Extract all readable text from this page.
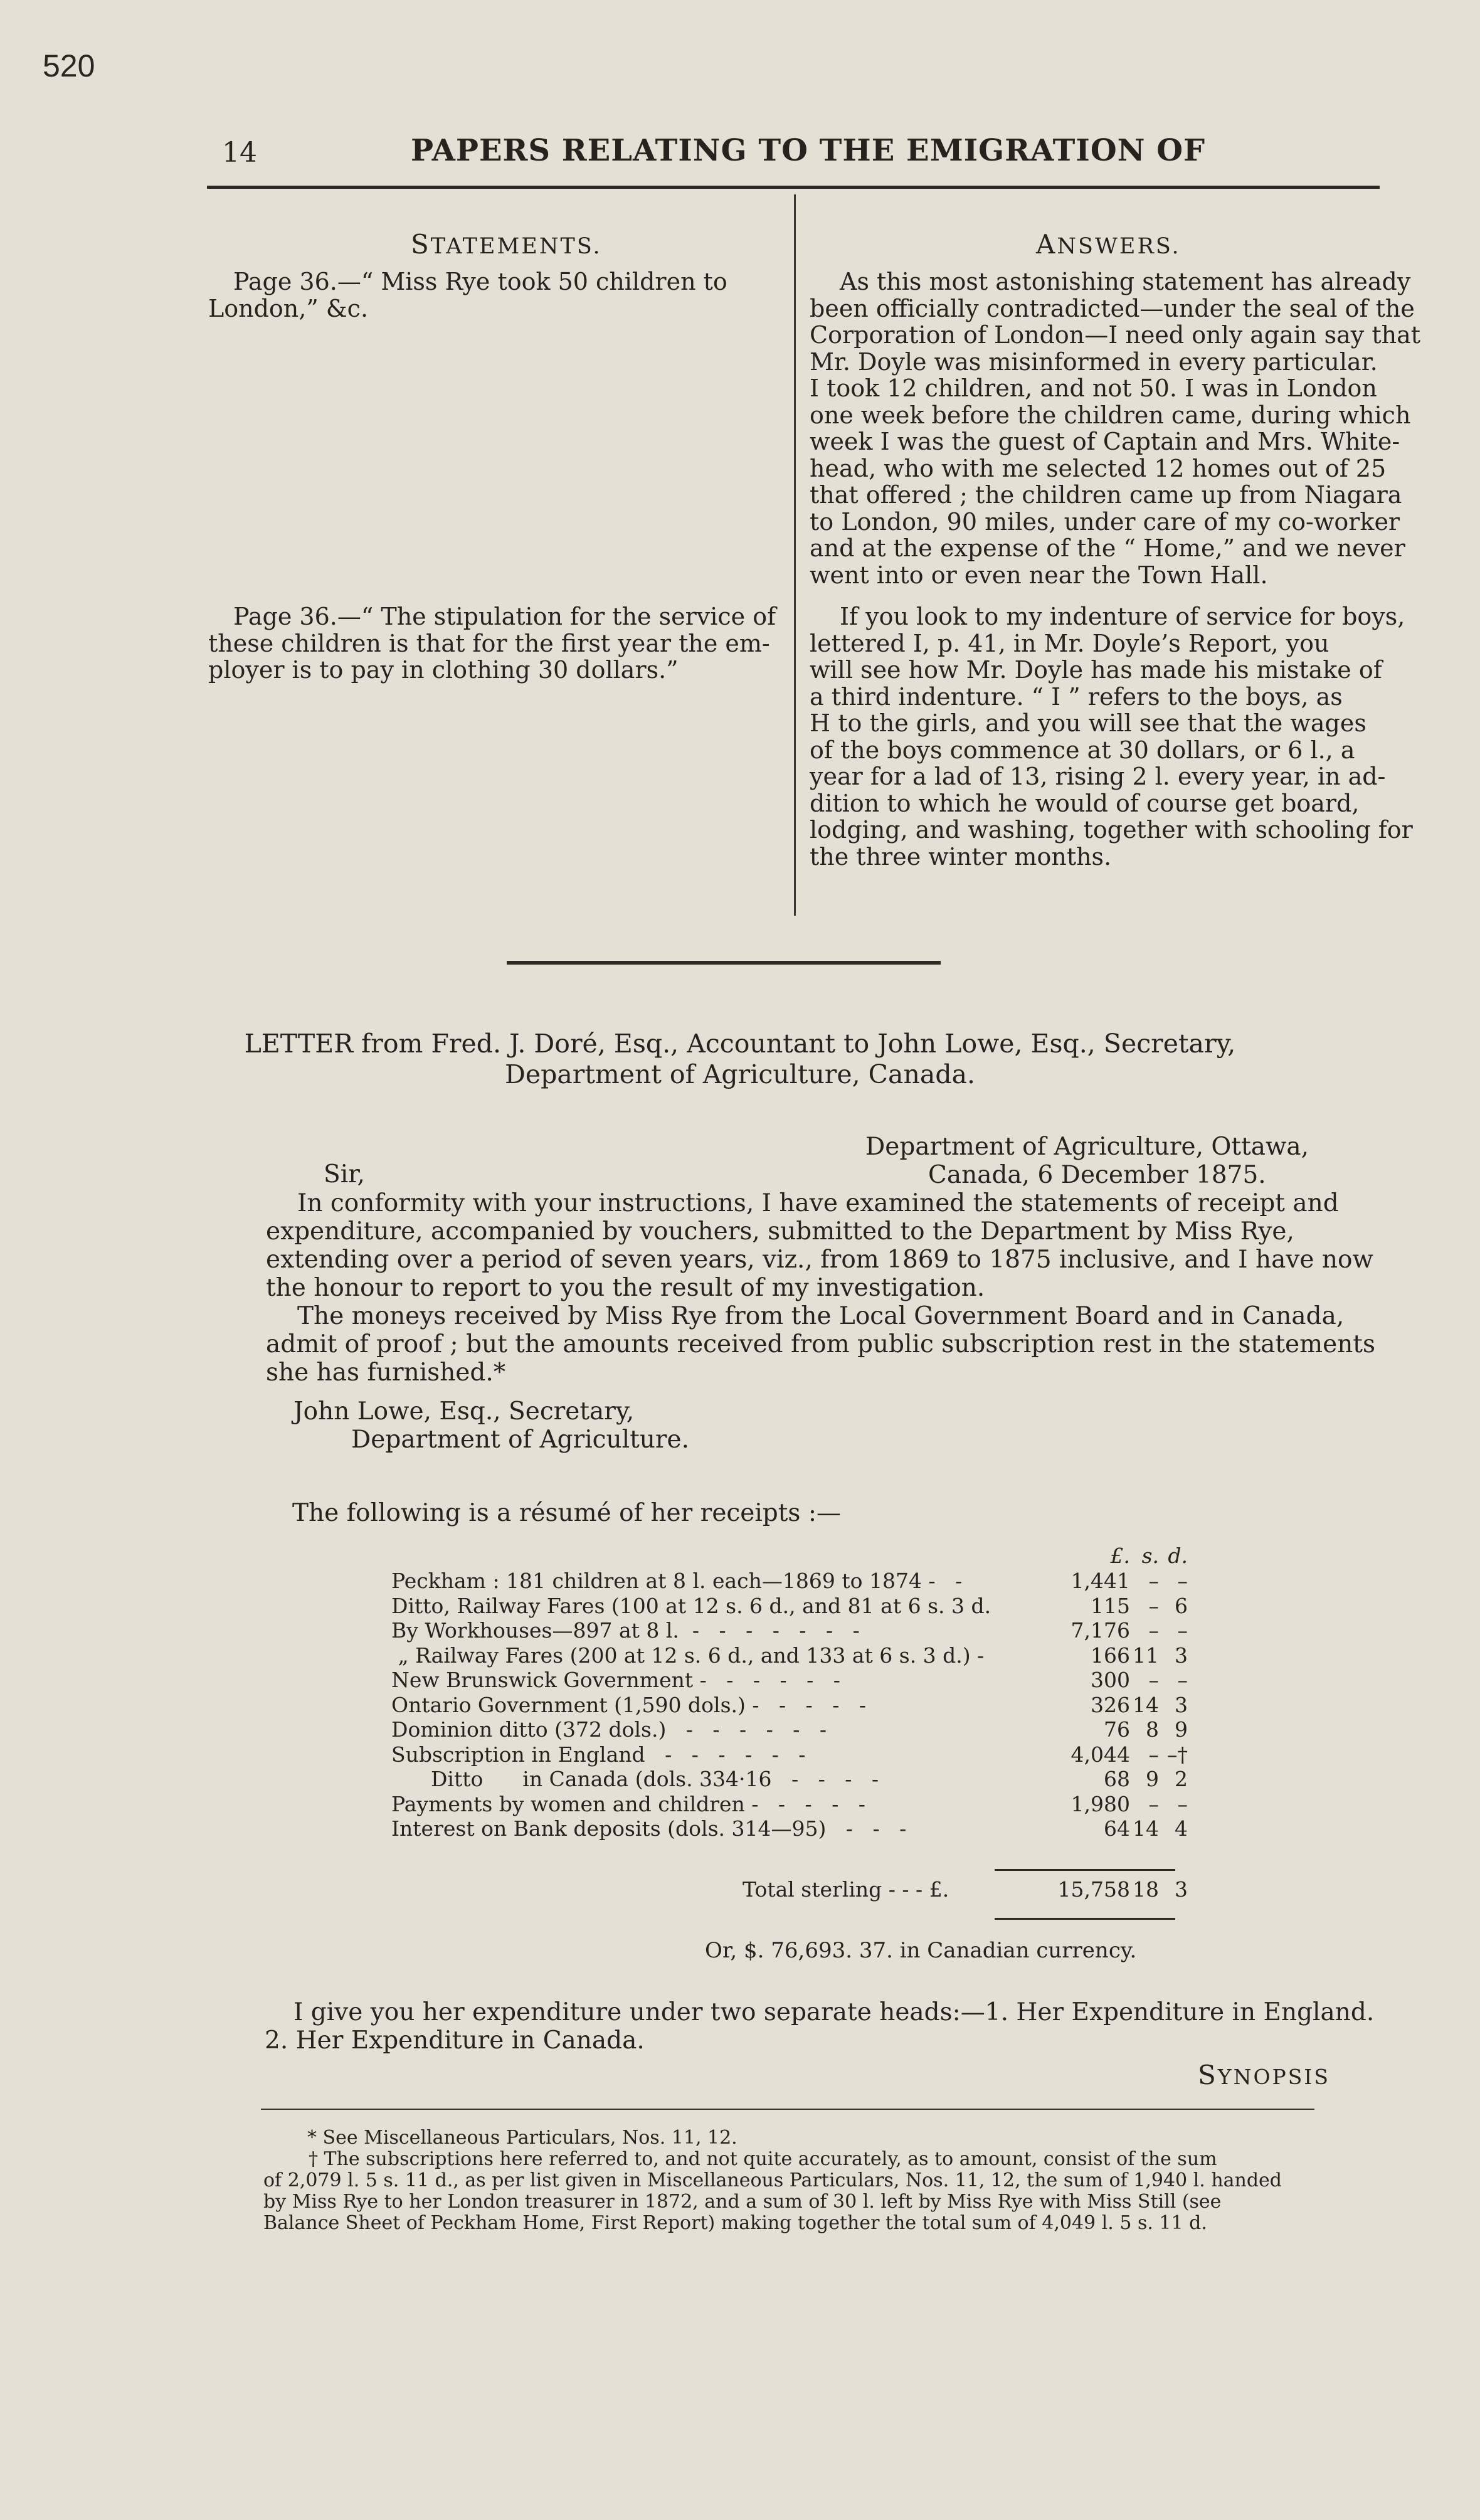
520
14	PAPERS RELATING TO THE EMIGRATION OF
STATEMENTS.	ANSWERS.
Page 36.—“ Miss Rye took 50 children to
London,” &c.
As this most astonishing statement has already
been officially contradicted—under the seal of the
Corporation of London—I need only again say that
Mr. Doyle was misinformed in every particular.
I took 12 children, and not 50. I was in London
one week before the children came, during which
week I was the guest of Captain and Mrs. White-
head, who with me selected 12 homes out of 25
that offered ; the children came up from Niagara
to London, 90 miles, under care of my co-worker
and at the expense of the “ Home,” and we never
went into or even near the Town Hall.
Page 36.—“ The stipulation for the service of
these children is that for the first year the em-
ployer is to pay in clothing 30 dollars.”
If you look to my indenture of service for boys,
lettered I, p. 41, in Mr. Doyle’s Report, you
will see how Mr. Doyle has made his mistake of
a third indenture. “ I ” refers to the boys, as
H to the girls, and you will see that the wages
of the boys commence at 30 dollars, or 6 l., a
year for a lad of 13, rising 2 l. every year, in ad-
dition to which he would of course get board,
lodging, and washing, together with schooling for
the three winter months.
LETTER from Fred. J. Doré, Esq., Accountant to John Lowe, Esq., Secretary,
Department of Agriculture, Canada.
Department of Agriculture, Ottawa,
Canada, 6 December 1875.
Sir,
In conformity with your instructions, I have examined the statements of receipt and
expenditure, accompanied by vouchers, submitted to the Department by Miss Rye,
extending over a period of seven years, viz., from 1869 to 1875 inclusive, and I have now
the honour to report to you the result of my investigation.
The moneys received by Miss Rye from the Local Government Board and in Canada,
admit of proof ; but the amounts received from public subscription rest in the statements
she has furnished.*
John Lowe, Esq., Secretary,
Department of Agriculture.
The following is a résumé of her receipts :—
£. s. d.
Peckham : 181 children at 8 l. each—1869 to 1874 -   -	1,441 – –
Ditto, Railway Fares (100 at 12 s. 6 d., and 81 at 6 s. 3 d.	115 – 6
By Workhouses—897 at 8 l.  -   -   -   -   -   -   -	7,176 – –
„ Railway Fares (200 at 12 s. 6 d., and 133 at 6 s. 3 d.) -	166 11 3
New Brunswick Government -   -   -   -   -   -	300 – –
Ontario Government (1,590 dols.) -   -   -   -   -	326 14 3
Dominion ditto (372 dols.)   -   -   -   -   -   -	76 8 9
Subscription in England   -   -   -   -   -   -	4,044 – –†
Ditto      in Canada (dols. 334·16   -   -   -   -	68 9 2
Payments by women and children -   -   -   -   -	1,980 – –
Interest on Bank deposits (dols. 314—95)   -   -   -	64 14 4
Total sterling - - - £.	15,758 18 3
Or, $. 76,693. 37. in Canadian currency.
I give you her expenditure under two separate heads:—1. Her Expenditure in England.
2. Her Expenditure in Canada.
SYNOPSIS
* See Miscellaneous Particulars, Nos. 11, 12.
† The subscriptions here referred to, and not quite accurately, as to amount, consist of the sum
of 2,079 l. 5 s. 11 d., as per list given in Miscellaneous Particulars, Nos. 11, 12, the sum of 1,940 l. handed
by Miss Rye to her London treasurer in 1872, and a sum of 30 l. left by Miss Rye with Miss Still (see
Balance Sheet of Peckham Home, First Report) making together the total sum of 4,049 l. 5 s. 11 d.
